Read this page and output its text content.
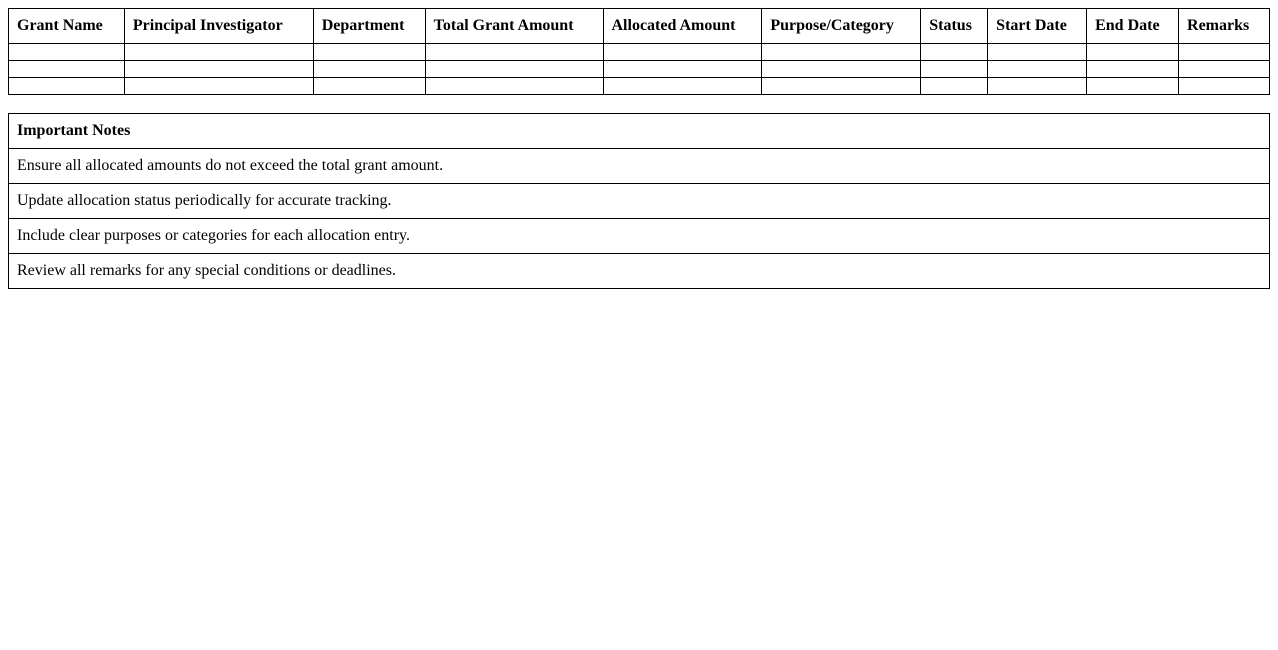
Grant Name	Principal Investigator	Department	Total Grant Amount	Allocated Amount	Purpose/Category	Status	Start Date	End Date	Remarks

Important Notes
Ensure all allocated amounts do not exceed the total grant amount.
Update allocation status periodically for accurate tracking.
Include clear purposes or categories for each allocation entry.
Review all remarks for any special conditions or deadlines.
